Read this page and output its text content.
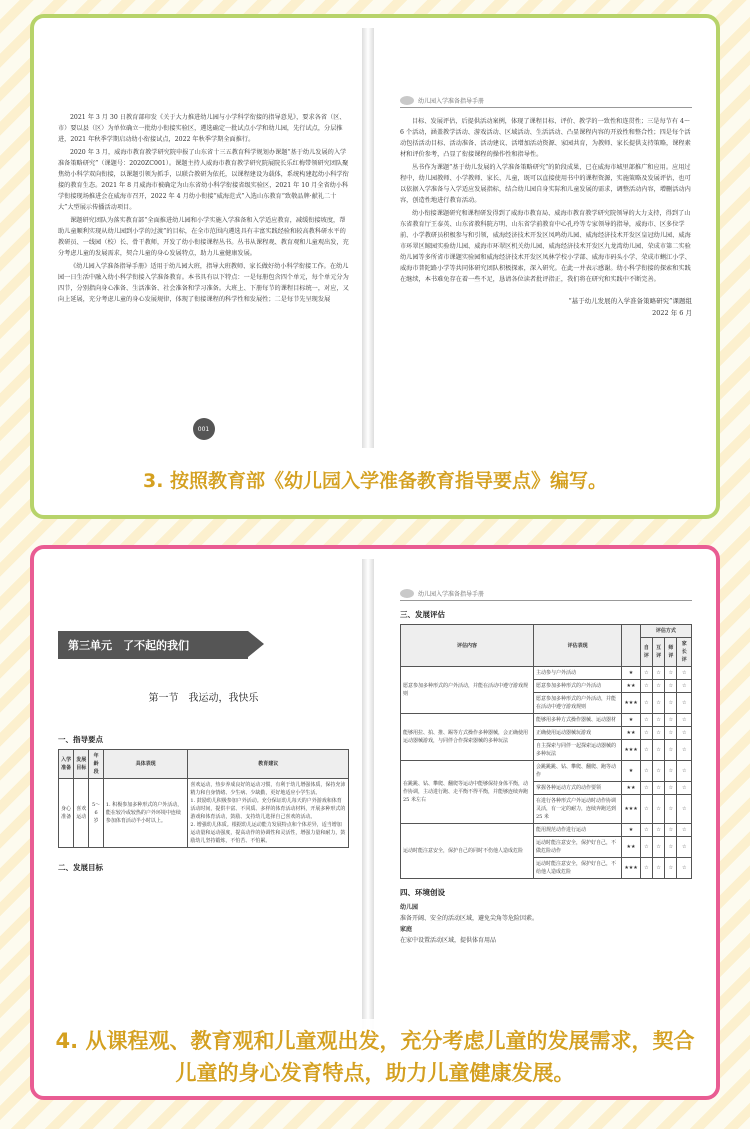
2021 年 3 月 30 日教育部印发《关于大力推进幼儿园与小学科学衔接的指导意见》，要求各省（区、市）要以县（区）为单位确立一批幼小衔接实验区，遴选确定一批试点小学和幼儿园，先行试点，分层推进，2021 年秋季学期启动幼小衔接试点，2022 年秋季学期全面推行。

2020 年 3 月，威海市教育教学研究院申报了山东省十三五教育科学规划办课题“基于幼儿发展的入学准备策略研究”（课题号：2020ZC001）。课题主持人威海市教育教学研究院展院长乐红梅带领研究团队聚焦幼小科学双向衔接，以课题引领为抓手，以联合教研为依托，以课程建设为载体，系统构建起幼小科学衔接的教育生态。2021 年 8 月威海市被确定为山东省幼小科学衔接省级实验区，2021 年 10 月全省幼小科学衔接现场推进会在威海市召开，2022 年 4 月幼小衔接“威海范式”入选山东教育“致敬品牌·献礼二十大”大型展示传播活动项目。

课题研究团队为落实教育部“全面推进幼儿园和小学实施入学准备和入学适应教育，减缓衔接坡度，帮助儿童顺利实现从幼儿园到小学的过渡”的目标，在全市范围内遴选具有丰富实践经验和较高教科研水平的教研员、一线园（校）长、骨干教师，开发了幼小衔接课程丛书。丛书从课程观、教育观和儿童观出发，充分考虑儿童的发展需求，契合儿童的身心发展特点，助力儿童健康发展。

《幼儿园入学准备指导手册》适用于幼儿园大班，指导大班教师、家长做好幼小科学衔接工作。在幼儿园一日生活中融入幼小科学衔接入学准备教育。本书具有以下特点：一是每册包含四个单元，每个单元分为四节，分别指向身心准备、生活准备、社会准备和学习准备。大班上、下册每节的课程目标统一，对应，又向上延展，充分考虑儿童的身心发展规律，体现了衔接课程的科学性和发展性；二是每节先呈现发展

001
幼儿园入学准备指导手册

目标、发展评估，后提供活动案例，体现了课程目标、评价、教学的一致性和连贯性；三是每节有 4～6 个活动，涵盖教学活动、游戏活动、区域活动、生活活动、凸显课程内容的开放性和整合性；四是每个活动包括活动目标、活动准备、活动建议、活增加活动资源、家园共育，为教师、家长提供支持策略，课程素材和评价参考，凸显了衔接课程的操作性和指导性。

丛书作为课题“基于幼儿发展的入学准备策略研究”的阶段成果，已在威海市城里部推广和应用。应用过程中，幼儿园教师、小学教师、家长、儿童，既可以直接使用书中的课程资源，实施策略及发展评估，也可以依据入学准备与入学适应发展指标，结合幼儿园自身实际和儿童发展的需求，调整活动内容，增删活动内容，创造性地进行教育活动。

幼小衔接课题研究和课程研发得到了威海市教育局、威海市教育教学研究院领导的大力支持，得到了山东省教育厅王泰英、山东省教科院方明、山东省学前教育中心孔玲等专家领导的指导，威海市、区多位学前、小学教研员积极参与和引领，威海经济技术开发区凤鸣幼儿园、威海经济技术开发区皇冠幼儿园、威海市环翠区鲸园实验幼儿园、威海市环翠区机关幼儿园、威海经济技术开发区九龙湾幼儿园、荣成市第二实验幼儿园等多所省市课题实验园和威海经济技术开发区凤林学校小学部、威海市码头小学、荣成市蜊江小学、威海市普陀路小学等共同体研究团队积极探索，深入研究。在此一并表示感谢。幼小科学衔接的探索和实践在继续，本书难免存在着一些不足，恳请各位读者批评指正，我们将在研究和实践中不断完善。

“基于幼儿发展的入学准备策略研究”课题组
2022 年 6 月
3. 按照教育部《幼儿园入学准备教育指导要点》编写。
第三单元　了不起的我们
第一节　我运动，我快乐
一、指导要点
入学准备	发展目标	年龄段	具体表现	教育建议
身心准备	喜欢运动	5～6 岁	1. 积极参加多种形式的户外活动，能在较冷或较热的户外环境中连续参加体育活动半小时以上。	喜欢运动，热步养成良好的运动习惯，有利于幼儿增强体质，保持充沛精力和自身情绪、少生病、少缺勤，更好地适应小学生活。
1. 鼓励幼儿积极参加户外活动。充分保证幼儿每天的户外游戏和体育活动时间，提供丰富、不同质、多样的体育活动材料，开展多种形式的游戏和体育活动，鼓励、支持幼儿选择自己喜欢的活动。
2. 增强幼儿体质。根据幼儿运动能力发展特点和个体差异，适当增加运动量和运动强度，提高动作的协调性和灵活性，增强力量和耐力，鼓励幼儿坚持锻炼，不怕苦、不怕累。
二、发展目标
幼儿园入学准备指导手册
三、发展评估
评估内容	评估表现		评估方式			
			自评	互评	师评	家长评
愿意参加多种形式的户外活动，并能在活动中遵守游戏规则	主动参与户外活动	★	☆	☆	☆	☆
	愿意参加多种形式的户外活动	★★	☆	☆	☆	☆
	愿意参加多种形式的户外活动，并能在活动中遵守游戏规则	★★★	☆	☆	☆	☆
能够用拉、拍、推、踢等方式操作多种器械，会正确使用运动器械游戏，与同伴合作探索器械的多种玩法	能够用多种方式操作器械、运动器材	★	☆	☆	☆	☆
	正确使用运动器械玩游戏	★★	☆	☆	☆	☆
	自主探索与同伴一起探索运动器械的多种玩法	★★★	☆	☆	☆	☆
在跳跳、钻、攀爬、翻爬等运动中能够保持身体平衡，动作协调，主动进行跑、走平衡不得平衡，并能够连续奔跑 25 米左右	会跳跳跳、钻、攀爬、翻爬、跑等动作	★	☆	☆	☆	☆
	掌握各种运动方式的动作要领	★★	☆	☆	☆	☆
	在进行各种形式户外运动时动作协调灵活，有一定的耐力，连续奔跑达到 25 米	★★★	☆	☆	☆	☆
运动时能注意安全，保护自己的同时不伤他人造成危险	能用规范动作进行运动	★	☆	☆	☆	☆
	运动时能注意安全，保护好自己，不做危险动作	★★	☆	☆	☆	☆
	运动时能注意安全，保护好自己，不给他人造成危险	★★★	☆	☆	☆	☆
四、环境创设
幼儿园
准备开阔、安全的活动区域，避免尖角等危险因素。
家庭
在家中设置活动区域，提供体育用品
4. 从课程观、教育观和儿童观出发，充分考虑儿童的发展需求，契合儿童的身心发育特点，助力儿童健康发展。
